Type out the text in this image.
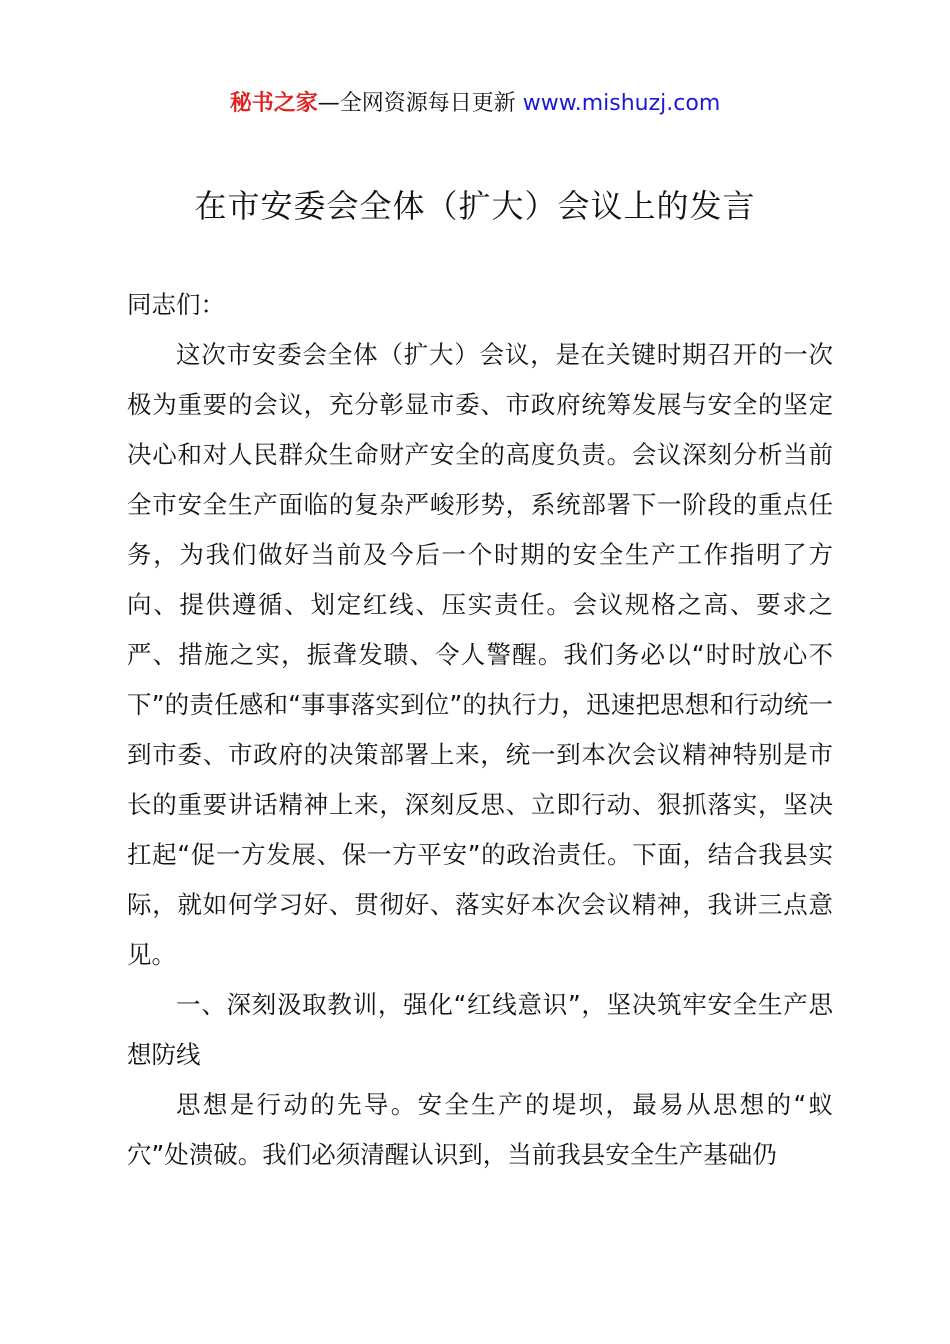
秘书之家—全网资源每日更新 www.mishuzj.com
在市安委会全体（扩大）会议上的发言

同志们：

这次市安委会全体（扩大）会议，是在关键时期召开的一次极为重要的会议，充分彰显市委、市政府统筹发展与安全的坚定决心和对人民群众生命财产安全的高度负责。会议深刻分析当前全市安全生产面临的复杂严峻形势，系统部署下一阶段的重点任务，为我们做好当前及今后一个时期的安全生产工作指明了方向、提供遵循、划定红线、压实责任。会议规格之高、要求之严、措施之实，振聋发聩、令人警醒。我们务必以“时时放心不下”的责任感和“事事落实到位”的执行力，迅速把思想和行动统一到市委、市政府的决策部署上来，统一到本次会议精神特别是市长的重要讲话精神上来，深刻反思、立即行动、狠抓落实，坚决扛起“促一方发展、保一方平安”的政治责任。下面，结合我县实际，就如何学习好、贯彻好、落实好本次会议精神，我讲三点意见。

一、深刻汲取教训，强化“红线意识”，坚决筑牢安全生产思想防线

思想是行动的先导。安全生产的堤坝，最易从思想的“蚁穴”处溃破。我们必须清醒认识到，当前我县安全生产基础仍
